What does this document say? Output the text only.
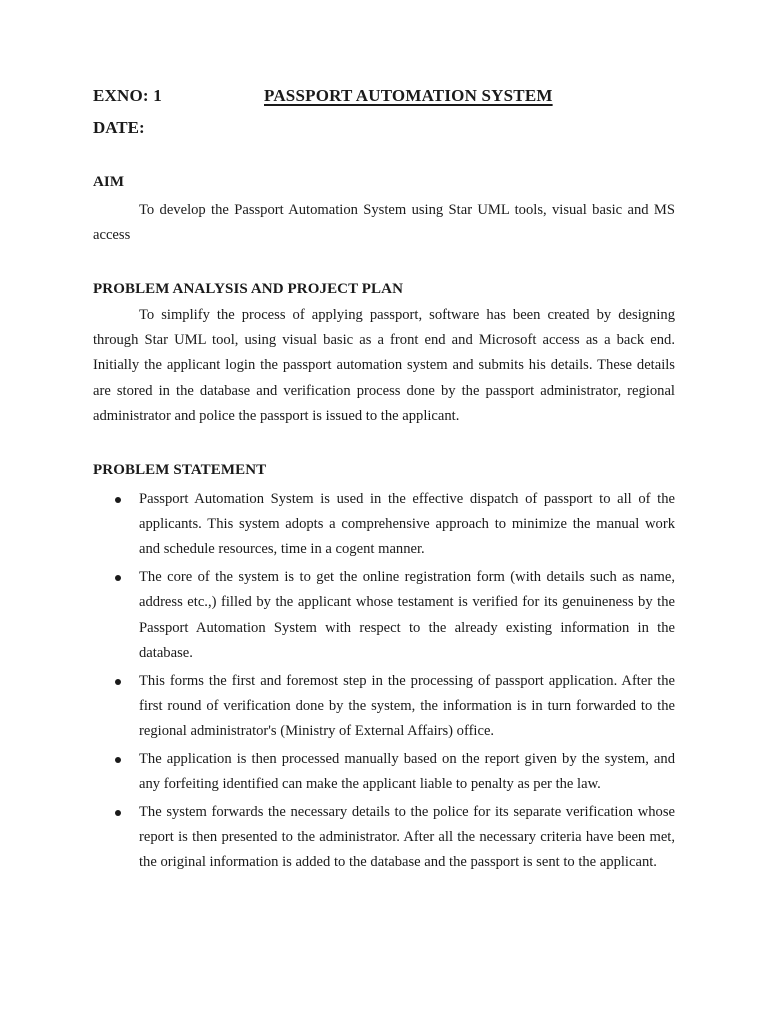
EXNO: 1	PASSPORT AUTOMATION SYSTEM
DATE:
AIM

To develop the Passport Automation System using Star UML tools, visual basic and MS access

PROBLEM ANALYSIS AND PROJECT PLAN

To simplify the process of applying passport, software has been created by designing through Star UML tool, using visual basic as a front end and Microsoft access as a back end. Initially the applicant login the passport automation system and submits his details. These details are stored in the database and verification process done by the passport administrator, regional administrator and police the passport is issued to the applicant.

PROBLEM STATEMENT
Passport Automation System is used in the effective dispatch of passport to all of the applicants. This system adopts a comprehensive approach to minimize the manual work and schedule resources, time in a cogent manner.
The core of the system is to get the online registration form (with details such as name, address etc.,) filled by the applicant whose testament is verified for its genuineness by the Passport Automation System with respect to the already existing information in the database.
This forms the first and foremost step in the processing of passport application. After the first round of verification done by the system, the information is in turn forwarded to the regional administrator's (Ministry of External Affairs) office.
The application is then processed manually based on the report given by the system, and any forfeiting identified can make the applicant liable to penalty as per the law.
The system forwards the necessary details to the police for its separate verification whose report is then presented to the administrator. After all the necessary criteria have been met, the original information is added to the database and the passport is sent to the applicant.
